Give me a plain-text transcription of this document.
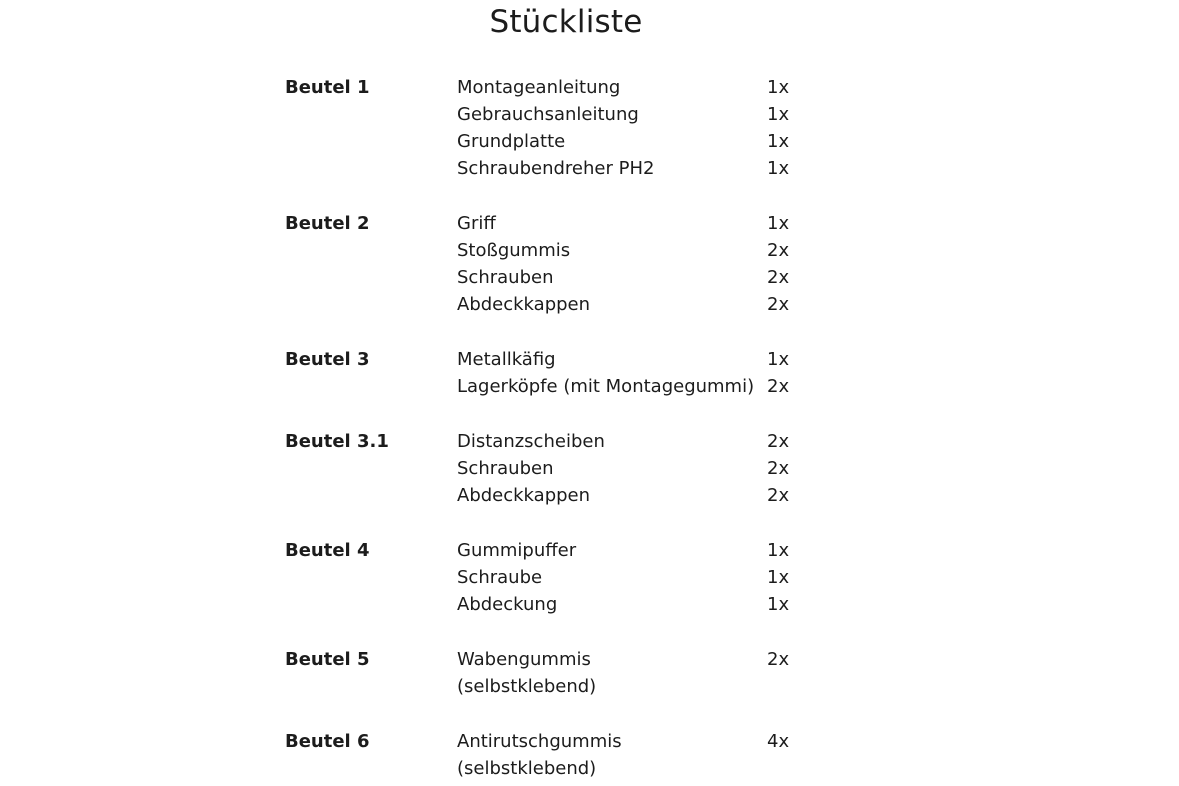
Stückliste
Beutel 1	Montageanleitung	1x
Gebrauchsanleitung	1x
Grundplatte	1x
Schraubendreher PH2	1x
Beutel 2	Griff	1x
Stoßgummis	2x
Schrauben	2x
Abdeckkappen	2x
Beutel 3	Metallkäfig	1x
Lagerköpfe (mit Montagegummi) 2x
Beutel 3.1	Distanzscheiben	2x
Schrauben	2x
Abdeckkappen	2x
Beutel 4	Gummipuffer	1x
Schraube	1x
Abdeckung	1x
Beutel 5	Wabengummis	2x
(selbstklebend)
Beutel 6	Antirutschgummis	4x
(selbstklebend)
